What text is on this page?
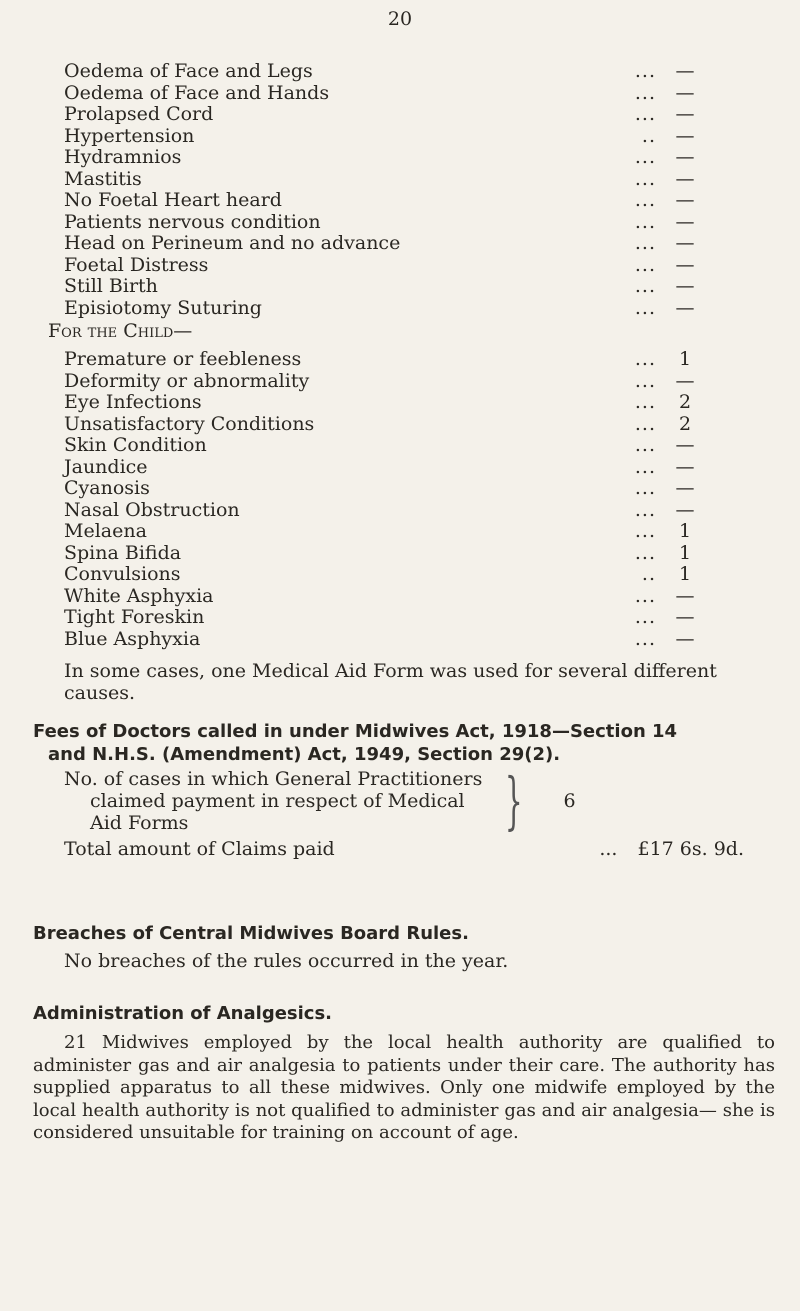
20
Oedema of Face and Legs	... —
Oedema of Face and Hands	... —
Prolapsed Cord	... —
Hypertension	.. —
Hydramnios	... —
Mastitis	... —
No Foetal Heart heard	... —
Patients nervous condition	... —
Head on Perineum and no advance	... —
Foetal Distress	... —
Still Birth	... —
Episiotomy Suturing	... —
For the Child—
Premature or feebleness	... 1
Deformity or abnormality	... —
Eye Infections	... 2
Unsatisfactory Conditions	... 2
Skin Condition	... —
Jaundice	... —
Cyanosis	... —
Nasal Obstruction	... —
Melaena	... 1
Spina Bifida	... 1
Convulsions	.. 1
White Asphyxia	... —
Tight Foreskin	... —
Blue Asphyxia	... —
In some cases, one Medical Aid Form was used for several different causes.
Fees of Doctors called in under Midwives Act, 1918—Section 14
and N.H.S. (Amendment) Act, 1949, Section 29(2).
No. of cases in which General Practitioners
claimed payment in respect of Medical
Aid Forms	} 6
Total amount of Claims paid	... £17 6s. 9d.
Breaches of Central Midwives Board Rules.
No breaches of the rules occurred in the year.
Administration of Analgesics.
21 Midwives employed by the local health authority are qualified to administer gas and air analgesia to patients under their care. The authority has supplied apparatus to all these midwives. Only one midwife employed by the local health authority is not qualified to administer gas and air analgesia— she is considered unsuitable for training on account of age.
